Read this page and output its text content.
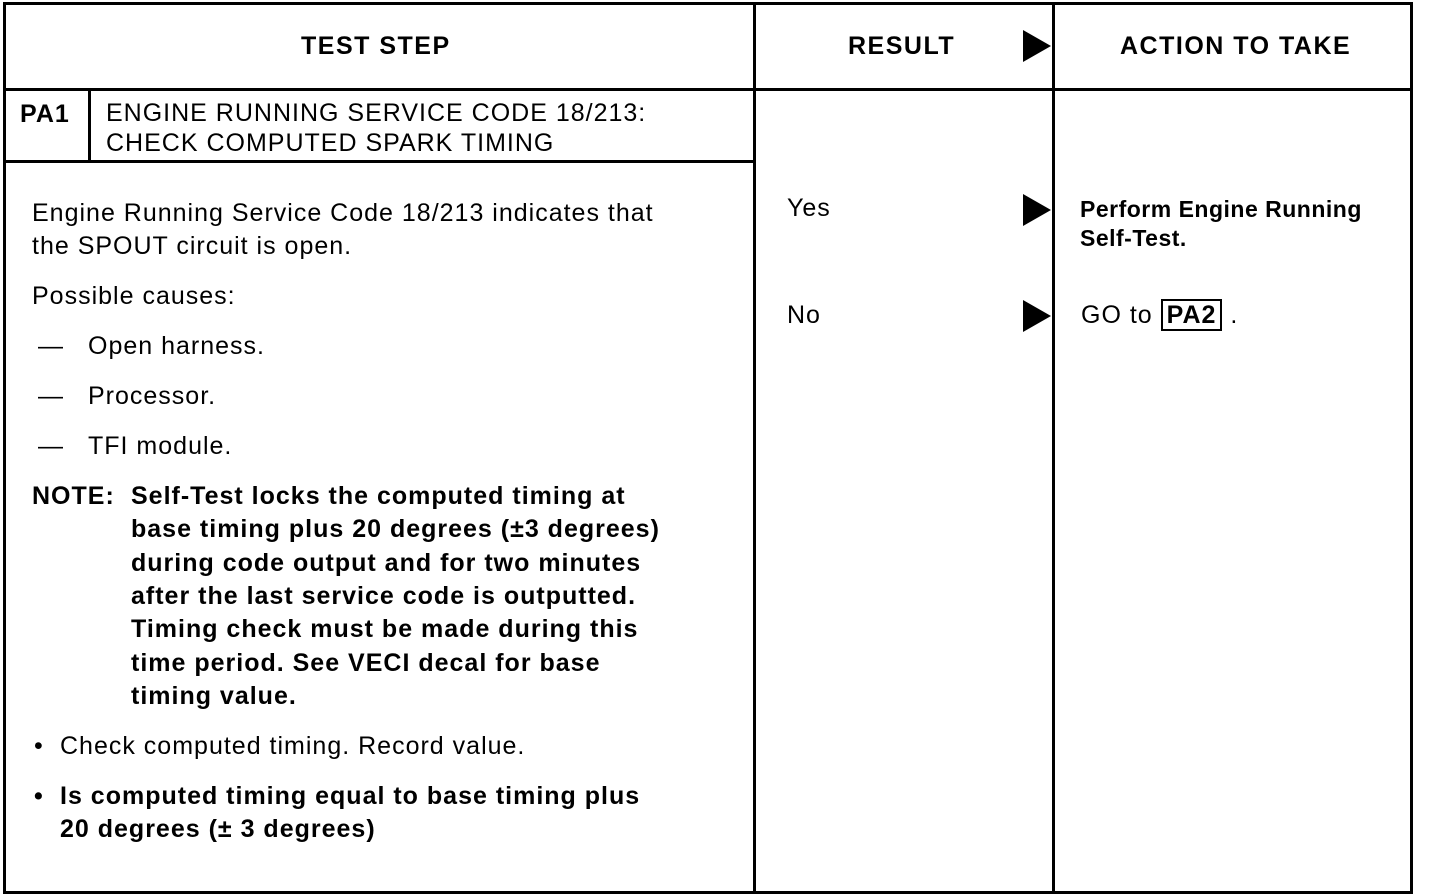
TEST STEP	RESULT	ACTION TO TAKE
PA1 ENGINE RUNNING SERVICE CODE 18/213:
CHECK COMPUTED SPARK TIMING
Engine Running Service Code 18/213 indicates that
the SPOUT circuit is open.
Possible causes:
— Open harness.
— Processor.
— TFI module.
NOTE: Self-Test locks the computed timing at
base timing plus 20 degrees (±3 degrees)
during code output and for two minutes
after the last service code is outputted.
Timing check must be made during this
time period. See VECI decal for base
timing value.
• Check computed timing. Record value.
• Is computed timing equal to base timing plus
20 degrees (± 3 degrees)
Yes
No
Perform Engine Running
Self-Test.
GO to PA2 .
